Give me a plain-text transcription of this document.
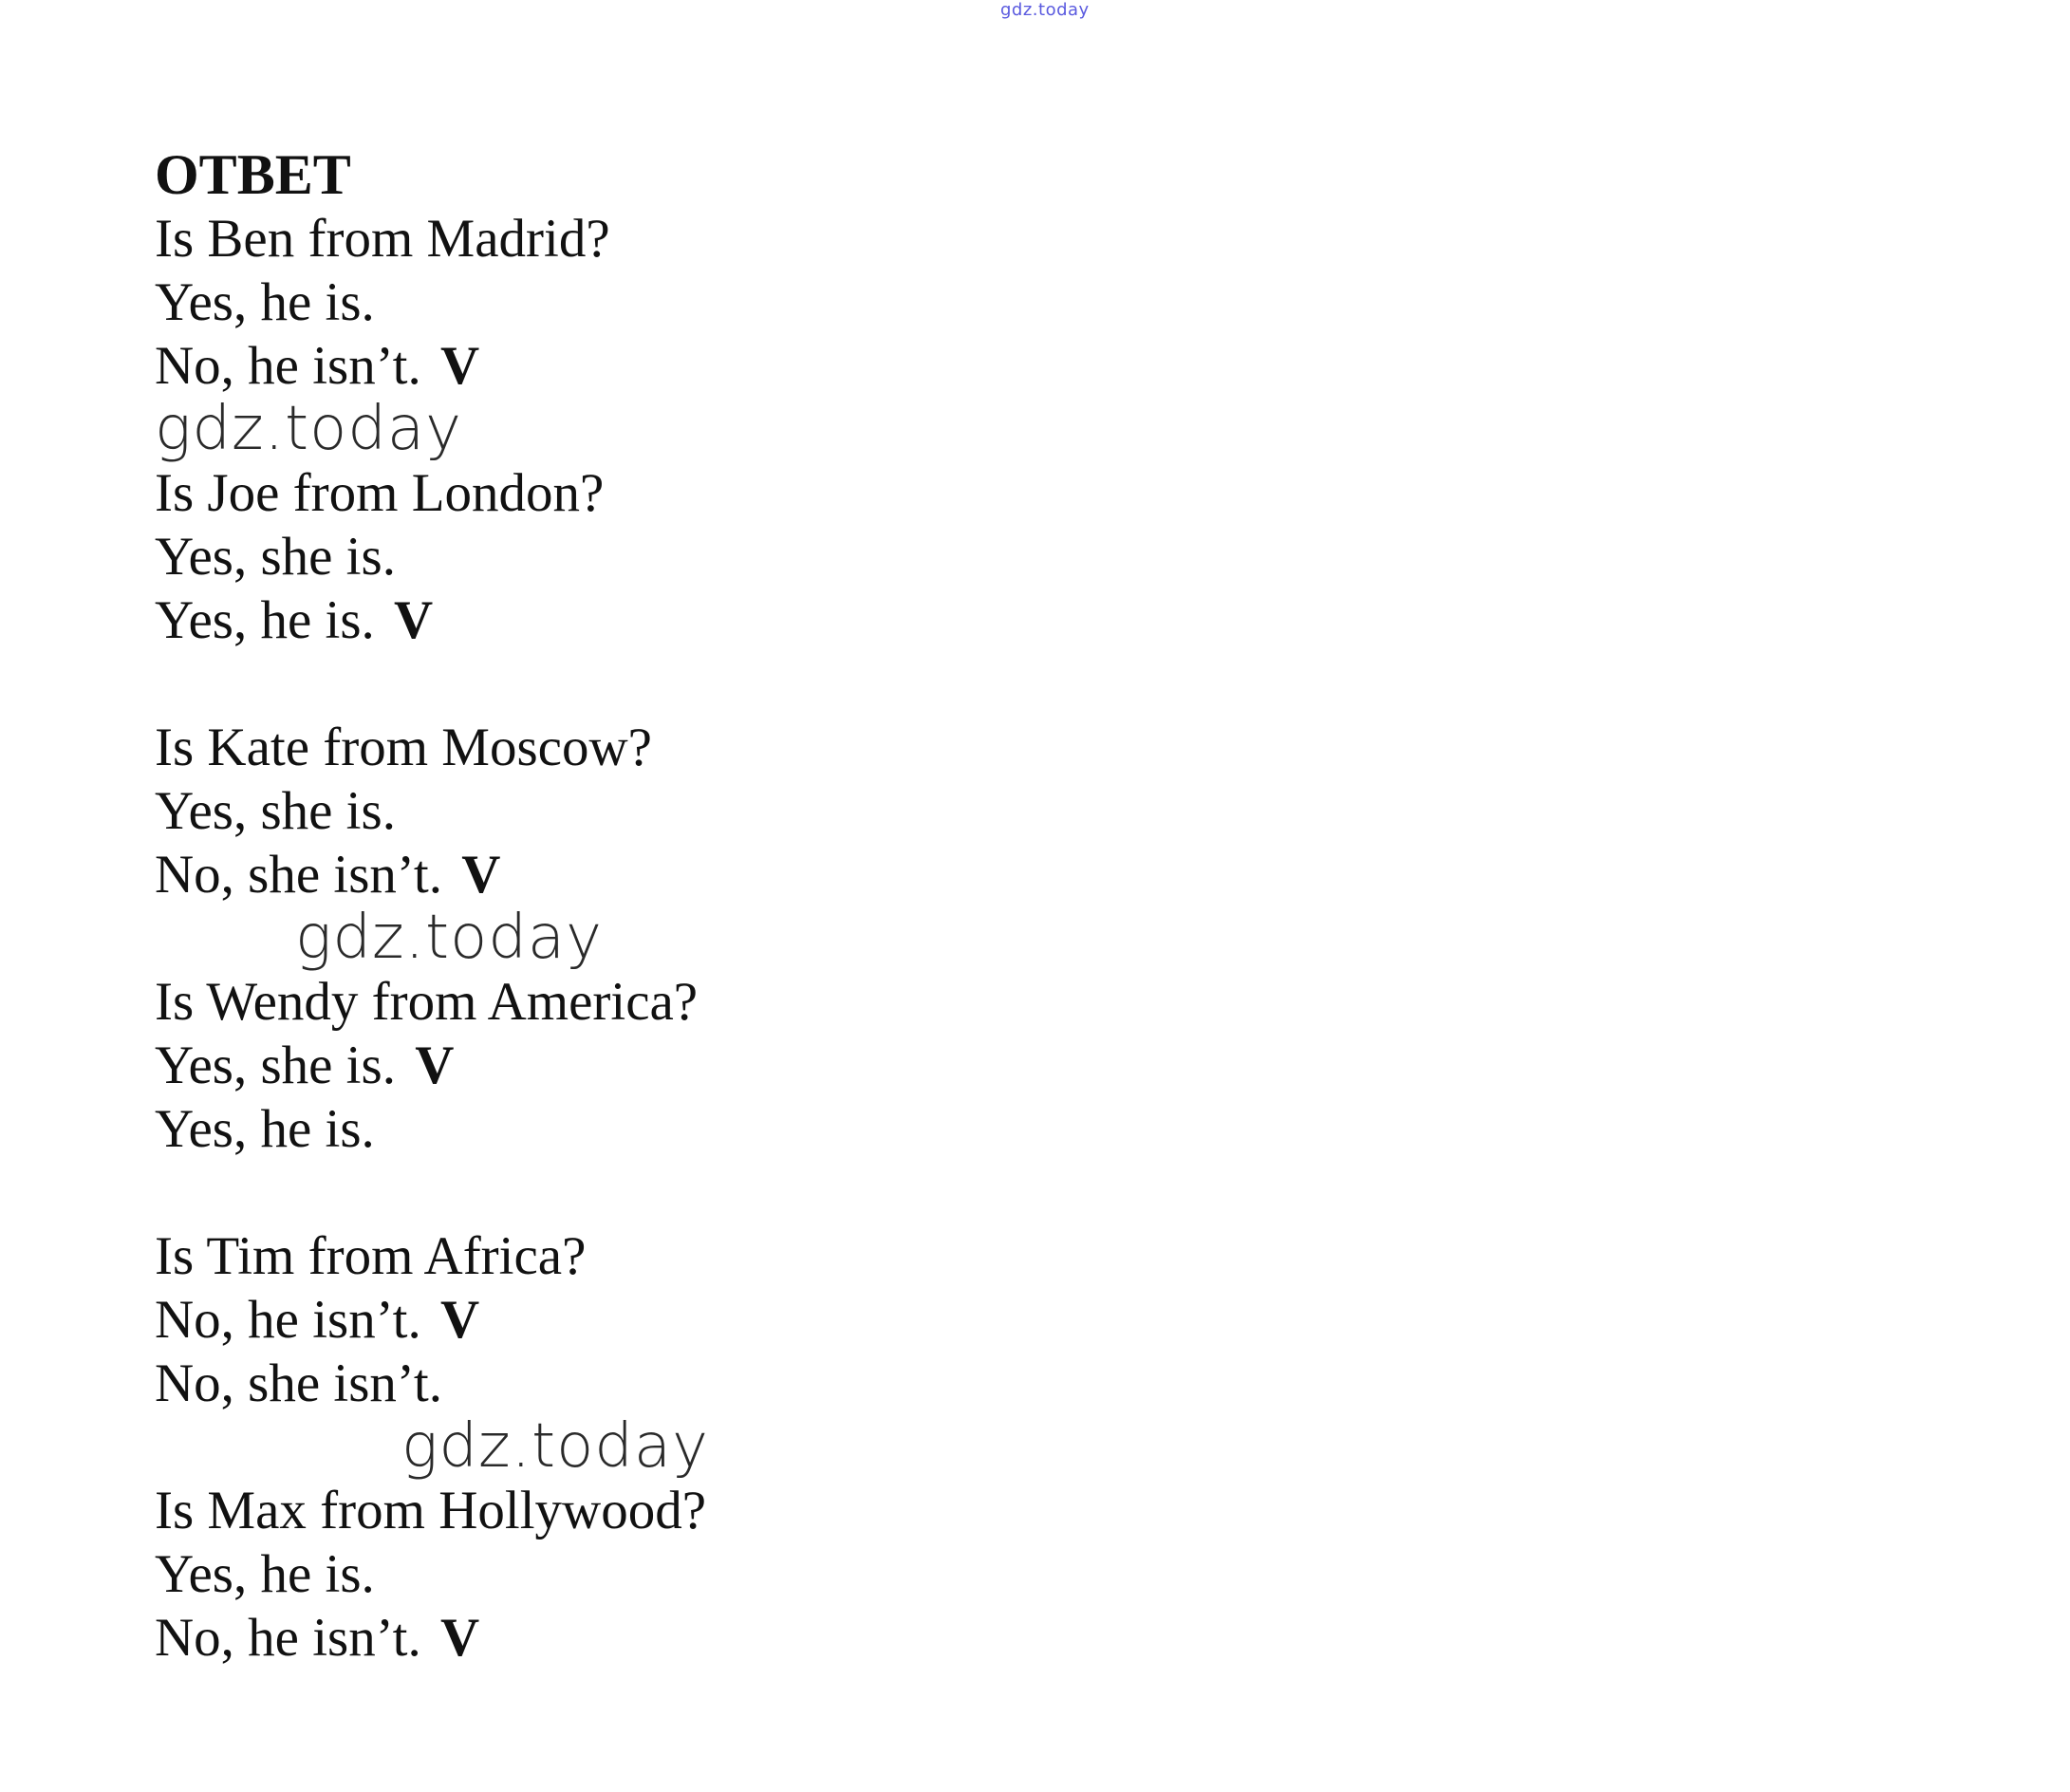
gdz.today
ОТВЕТ
Is Ben from Madrid?
Yes, he is.
No, he isn’t. V
gdz.today
Is Joe from London?
Yes, she is.
Yes, he is. V
Is Kate from Moscow?
Yes, she is.
No, she isn’t. V
gdz.today
Is Wendy from America?
Yes, she is. V
Yes, he is.
Is Tim from Africa?
No, he isn’t. V
No, she isn’t.
gdz.today
Is Max from Hollywood?
Yes, he is.
No, he isn’t. V
